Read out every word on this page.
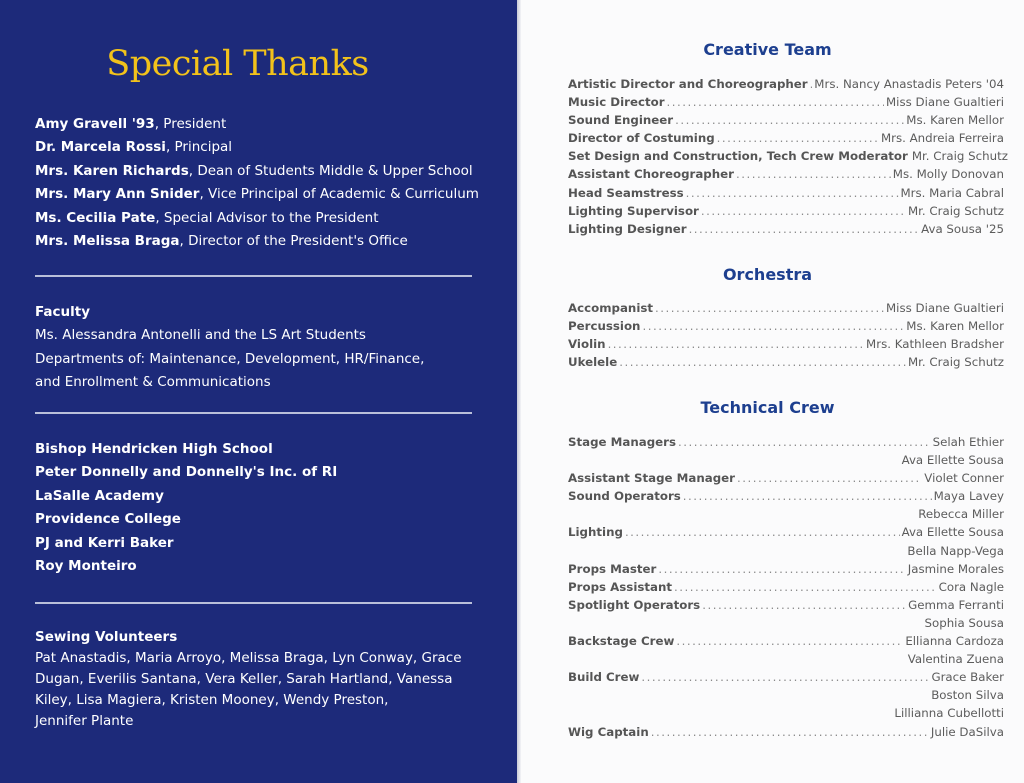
Special Thanks

Amy Gravell '93, President

Dr. Marcela Rossi, Principal

Mrs. Karen Richards, Dean of Students Middle & Upper School

Mrs. Mary Ann Snider, Vice Principal of Academic & Curriculum

Ms. Cecilia Pate, Special Advisor to the President

Mrs. Melissa Braga, Director of the President's Office

Faculty

Ms. Alessandra Antonelli and the LS Art Students

Departments of: Maintenance, Development, HR/Finance,

and Enrollment & Communications

Bishop Hendricken High School

Peter Donnelly and Donnelly's Inc. of RI

LaSalle Academy

Providence College

PJ and Kerri Baker

Roy Monteiro

Sewing Volunteers
Pat Anastadis, Maria Arroyo, Melissa Braga, Lyn Conway, Grace
Dugan, Everilis Santana, Vera Keller, Sarah Hartland, Vanessa
Kiley, Lisa Magiera, Kristen Mooney, Wendy Preston,
Jennifer Plante
Creative Team
Artistic Director and Choreographer ..... Mrs. Nancy Anastadis Peters '04
Music Director .....	Miss Diane Gualtieri
Sound Engineer .....	Ms. Karen Mellor
Director of Costuming .....	Mrs. Andreia Ferreira
Set Design and Construction, Tech Crew Moderator Mr. Craig Schutz
Assistant Choreographer .....	Ms. Molly Donovan
Head Seamstress .....	Mrs. Maria Cabral
Lighting Supervisor .....	Mr. Craig Schutz
Lighting Designer .....	Ava Sousa '25
Orchestra
Accompanist .....	Miss Diane Gualtieri
Percussion .....	Ms. Karen Mellor
Violin .....	Mrs. Kathleen Bradsher
Ukelele .....	Mr. Craig Schutz
Technical Crew
Stage Managers .....	Selah Ethier
Ava Ellette Sousa
Assistant Stage Manager .....	Violet Conner
Sound Operators .....	Maya Lavey
Rebecca Miller
Lighting .....	Ava Ellette Sousa
Bella Napp-Vega
Props Master .....	Jasmine Morales
Props Assistant .....	Cora Nagle
Spotlight Operators .....	Gemma Ferranti
Sophia Sousa
Backstage Crew .....	Ellianna Cardoza
Valentina Zuena
Build Crew .....	Grace Baker
Boston Silva
Lillianna Cubellotti
Wig Captain .....	Julie DaSilva
